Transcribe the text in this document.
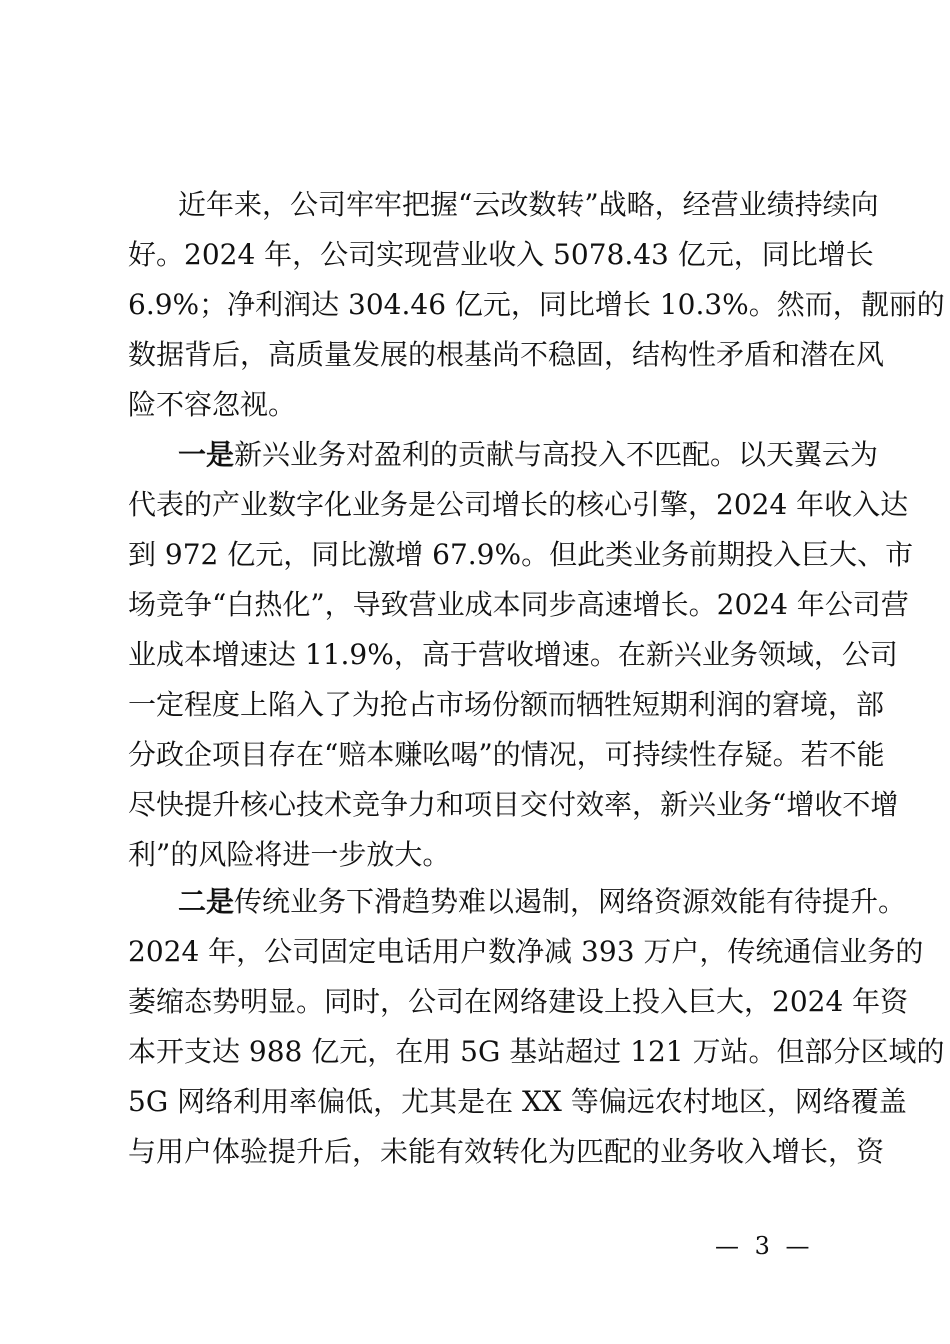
近年来，公司牢牢把握“云改数转”战略，经营业绩持续向
好。2024 年，公司实现营业收入 5078.43 亿元，同比增长
6.9%；净利润达 304.46 亿元，同比增长 10.3%。然而，靓丽的
数据背后，高质量发展的根基尚不稳固，结构性矛盾和潜在风
险不容忽视。
一是新兴业务对盈利的贡献与高投入不匹配。以天翼云为
代表的产业数字化业务是公司增长的核心引擎，2024 年收入达
到 972 亿元，同比激增 67.9%。但此类业务前期投入巨大、市
场竞争“白热化”，导致营业成本同步高速增长。2024 年公司营
业成本增速达 11.9%，高于营收增速。在新兴业务领域，公司
一定程度上陷入了为抢占市场份额而牺牲短期利润的窘境，部
分政企项目存在“赔本赚吆喝”的情况，可持续性存疑。若不能
尽快提升核心技术竞争力和项目交付效率，新兴业务“增收不增
利”的风险将进一步放大。
二是传统业务下滑趋势难以遏制，网络资源效能有待提升。
2024 年，公司固定电话用户数净减 393 万户，传统通信业务的
萎缩态势明显。同时，公司在网络建设上投入巨大，2024 年资
本开支达 988 亿元，在用 5G 基站超过 121 万站。但部分区域的
5G 网络利用率偏低，尤其是在 XX 等偏远农村地区，网络覆盖
与用户体验提升后，未能有效转化为匹配的业务收入增长，资
— 3 —
